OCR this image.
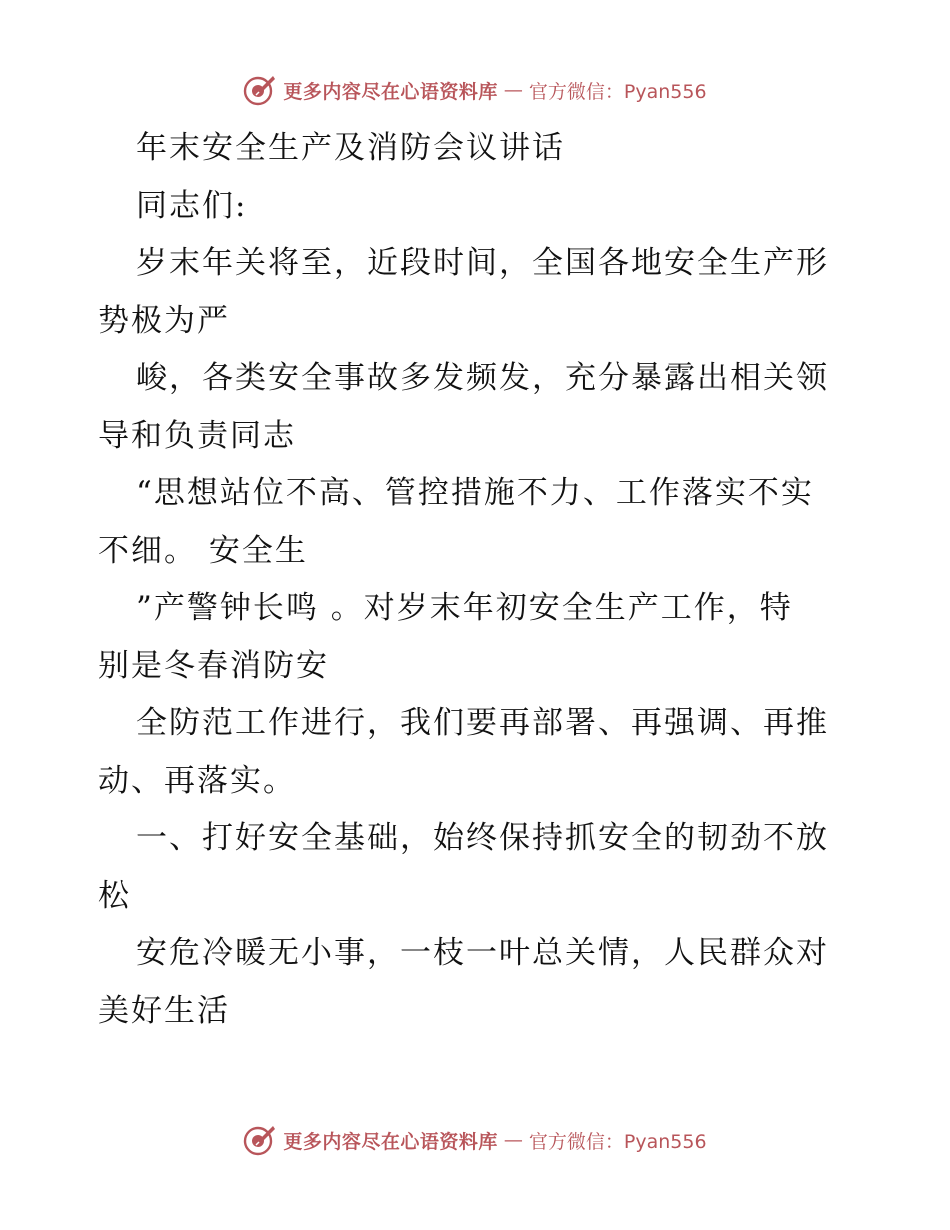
更多内容尽在心语资料库 — 官方微信：Pyan556
年末安全生产及消防会议讲话
同志们:
岁末年关将至，近段时间，全国各地安全生产形
势极为严
峻，各类安全事故多发频发，充分暴露出相关领
导和负责同志
“思想站位不高、管控措施不力、工作落实不实
不细。 安全生
”产警钟长鸣 。对岁末年初安全生产工作，特
别是冬春消防安
全防范工作进行，我们要再部署、再强调、再推
动、再落实。
一、打好安全基础，始终保持抓安全的韧劲不放
松
安危冷暖无小事，一枝一叶总关情，人民群众对
美好生活
更多内容尽在心语资料库 — 官方微信：Pyan556
